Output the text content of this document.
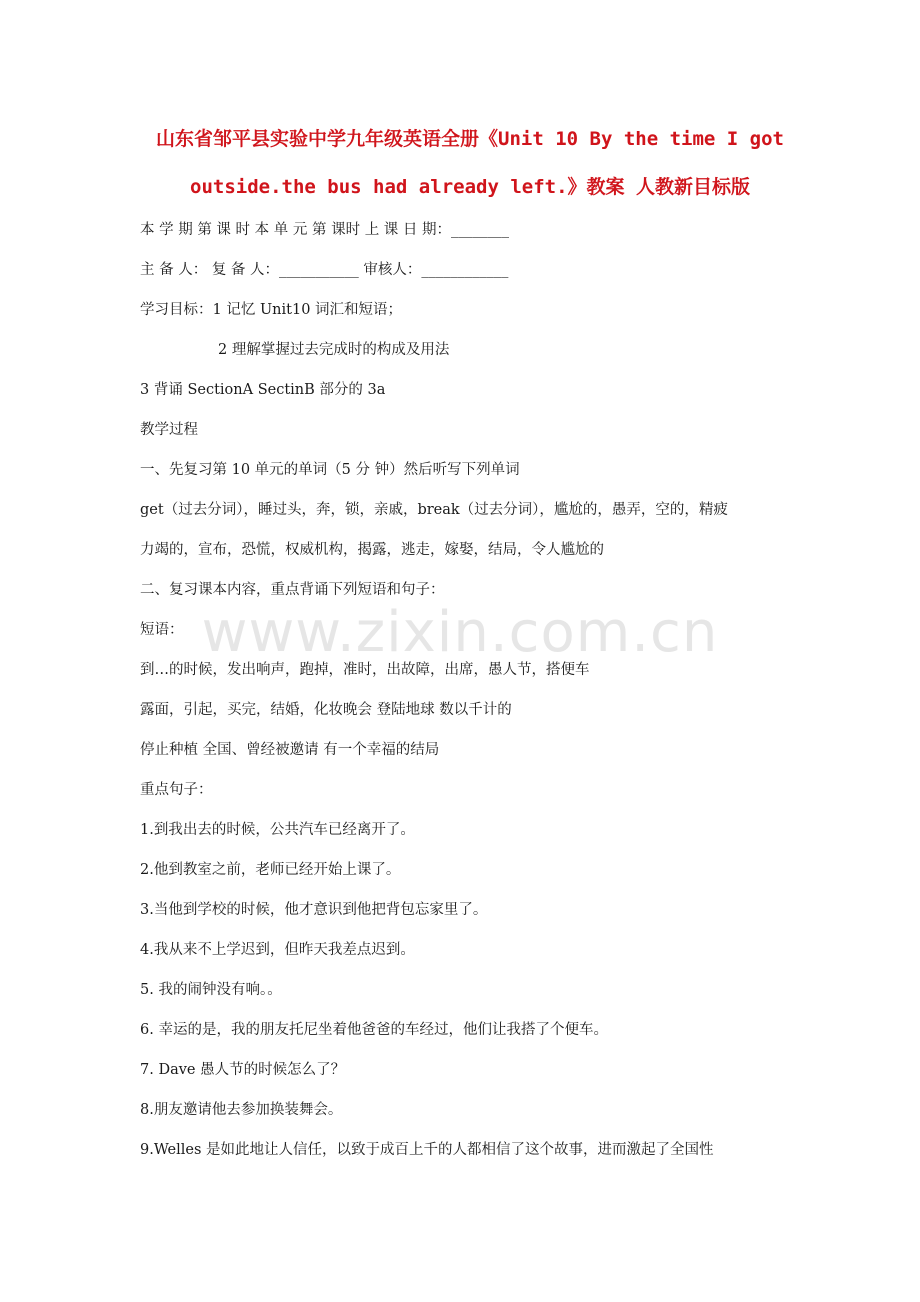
www.zixin.com.cn
山东省邹平县实验中学九年级英语全册《Unit 10 By the time I got
outside.the bus had already left.》教案 人教新目标版
本 学 期 第 课 时 本 单 元 第 课时 上 课 日 期：________
主 备 人： 复 备 人：___________ 审核人：____________
学习目标：1 记忆 Unit10 词汇和短语；
2 理解掌握过去完成时的构成及用法
3 背诵 SectionA SectinB 部分的 3a
教学过程
一、先复习第 10 单元的单词（5 分 钟）然后听写下列单词
get（过去分词），睡过头，奔，锁，亲戚，break（过去分词），尴尬的，愚弄，空的，精疲
力竭的，宣布，恐慌，权威机构，揭露，逃走，嫁娶，结局，令人尴尬的
二、复习课本内容，重点背诵下列短语和句子：
短语：
到…的时候，发出响声，跑掉，准时，出故障，出席，愚人节，搭便车
露面，引起，买完，结婚，化妆晚会 登陆地球 数以千计的
停止种植 全国、曾经被邀请 有一个幸福的结局
重点句子：
1.到我出去的时候，公共汽车已经离开了。
2.他到教室之前，老师已经开始上课了。
3.当他到学校的时候，他才意识到他把背包忘家里了。
4.我从来不上学迟到，但昨天我差点迟到。
5. 我的闹钟没有响。。
6. 幸运的是，我的朋友托尼坐着他爸爸的车经过，他们让我搭了个便车。
7. Dave 愚人节的时候怎么了？
8.朋友邀请他去参加换装舞会。
9.Welles 是如此地让人信任，以致于成百上千的人都相信了这个故事，进而激起了全国性
